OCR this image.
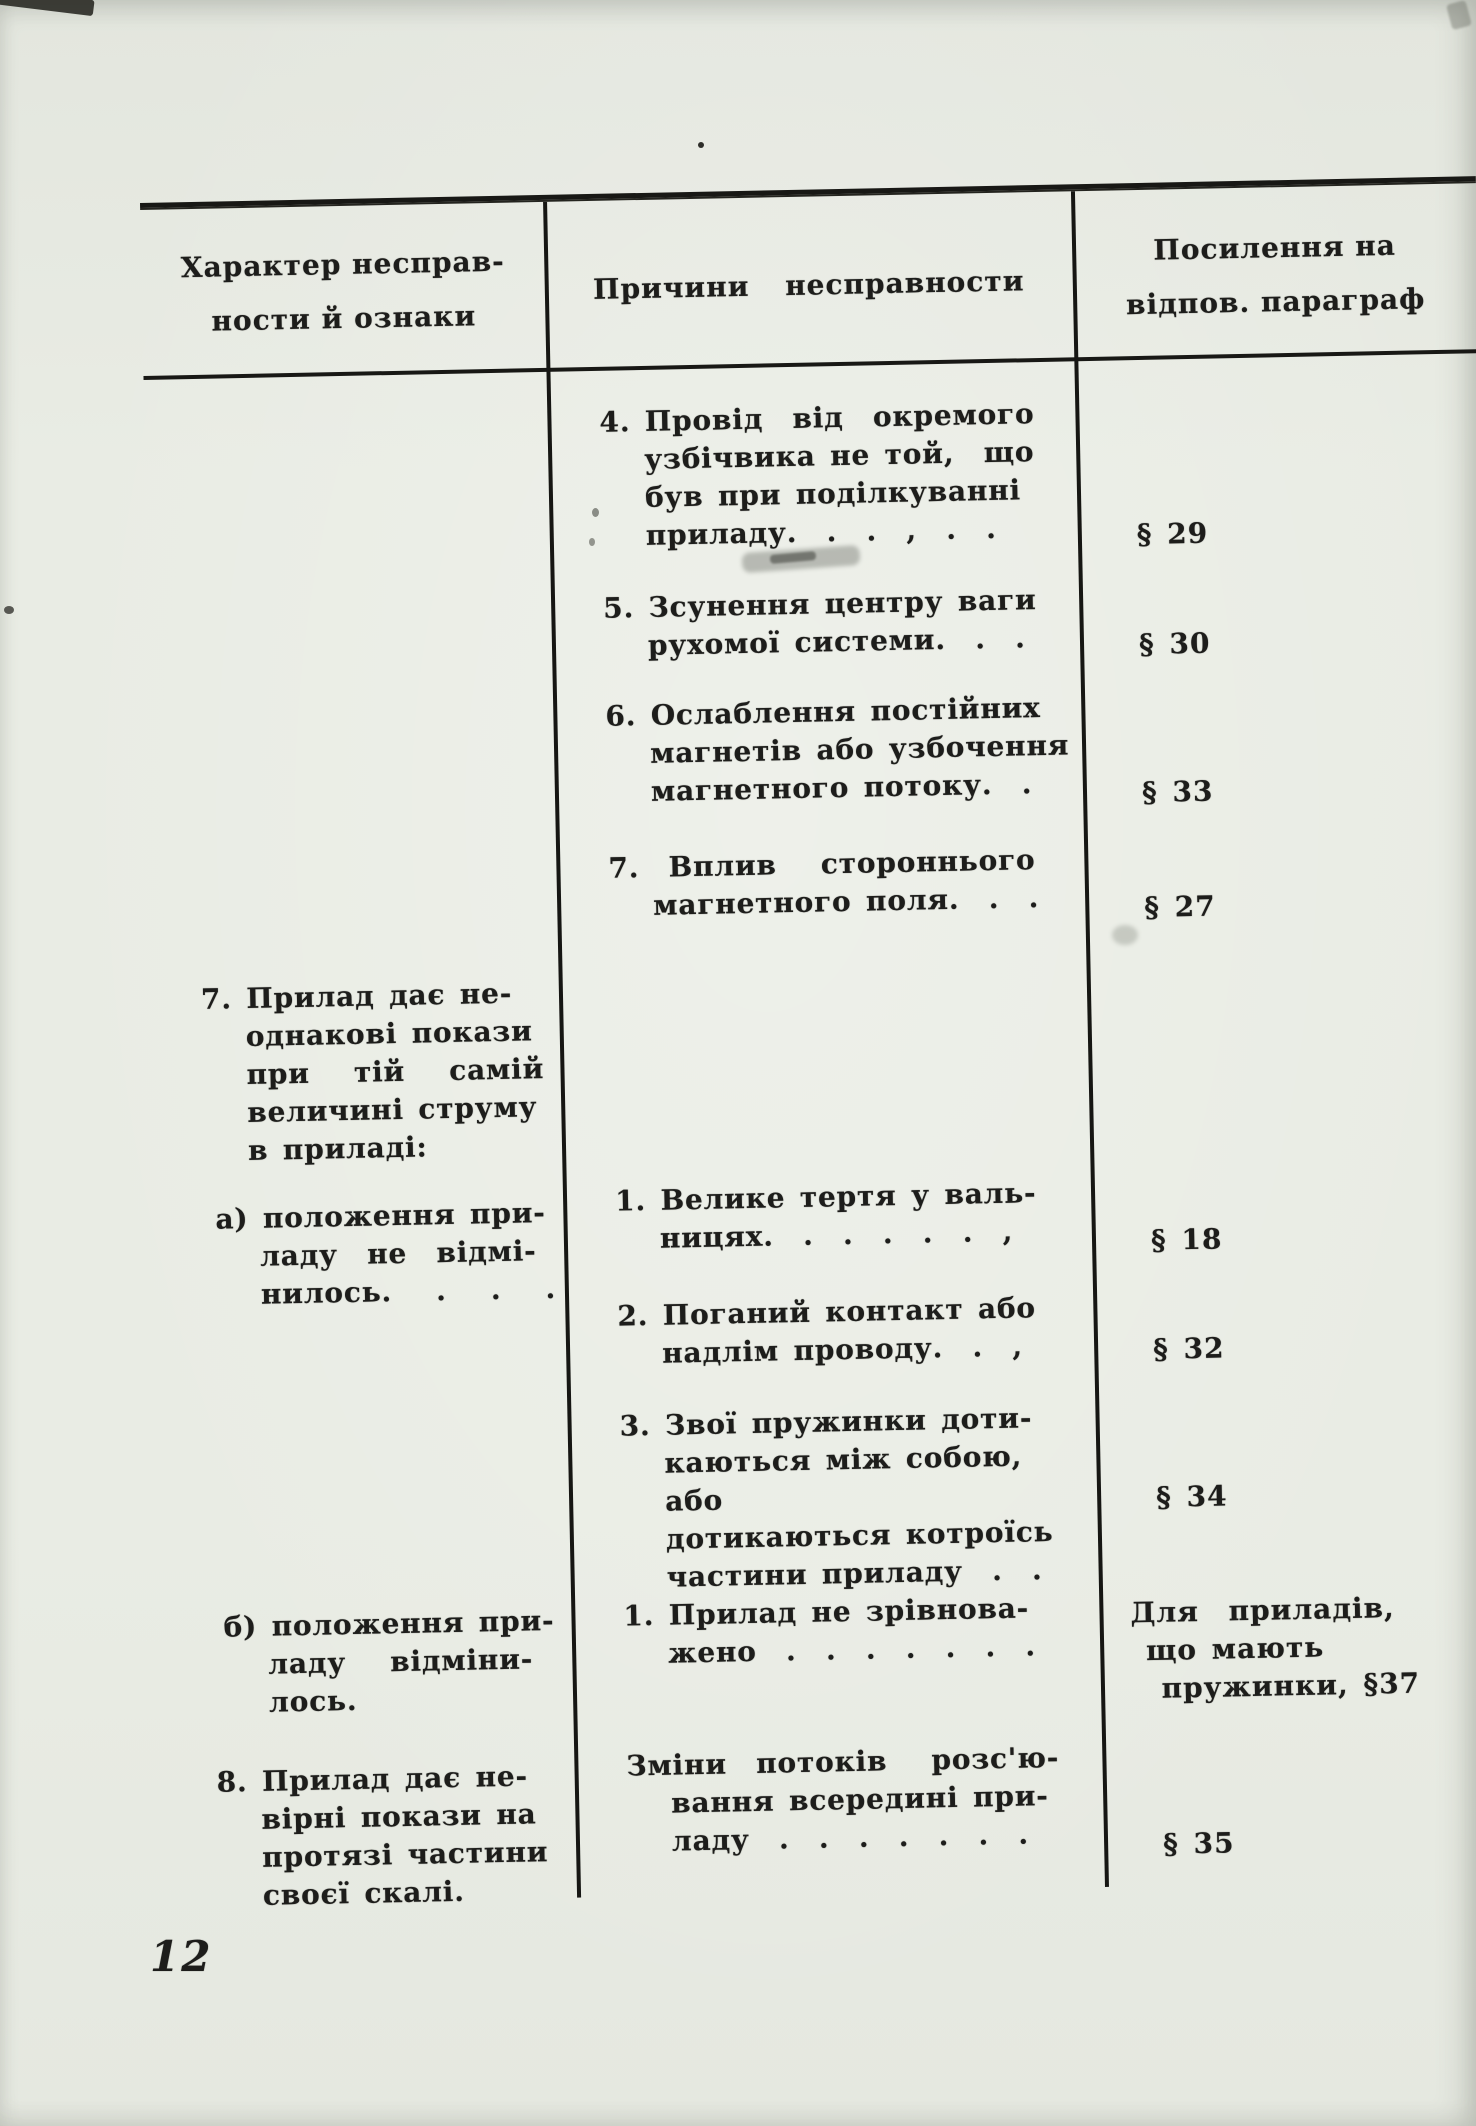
Характер несправ-
ности й ознаки
Причини  несправности
Посилення на
відпов. параграф
4. Провід  від  окремого
узбічвика не той,  що
був при поділкуванні
приладу.  .  .  ,  .  .
5. Зсунення центру ваги
рухомої системи.  .  .
6. Ослаблення постійних
магнетів або узбочення
магнетного потоку.  .
7.  Вплив   стороннього
магнетного поля.  .  .
1. Велике тертя у валь-
ницях.  .  .  .  .  .  ,
2. Поганий контакт або
надлім проводу.  .  ,
3. Звої пружинки доти-
каються між собою, або
дотикаються котроїсь
частини приладу  .  .
1. Прилад не зрівнова-
жено  .  .  .  .  .  .  .
Зміни  потоків   розс'ю-
вання всередині при-
ладу  .  .  .  .  .  .  .
7. Прилад дає не-
однакові покази
при   тій   самій
величині струму
в приладі:
а) положення при-
ладу  не  відмі-
нилось.   .   .   .
б) положення при-
ладу   відміни-
лось.
8. Прилад дає не-
вірні покази на
протязі частини
своєї скалі.
§ 29
§ 30
§ 33
§ 27
§ 18
§ 32
§ 34
Для  приладів,
що мають
пружинки, §37
§ 35
12
